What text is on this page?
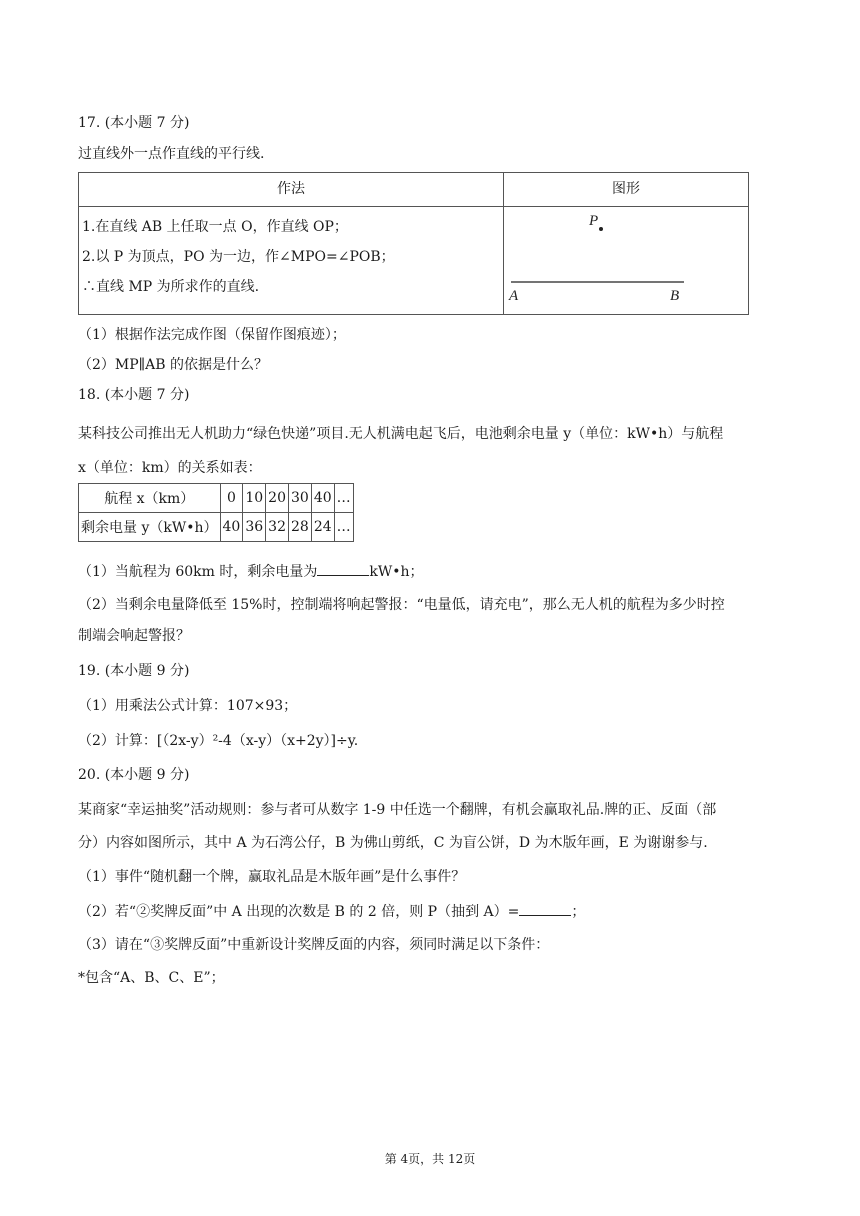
17. (本小题 7 分)
过直线外一点作直线的平行线.
作法	图形
1.在直线 AB 上任取一点 O，作直线 OP；
2.以 P 为顶点，PO 为一边，作∠MPO=∠POB；
∴直线 MP 为所求作的直线.
P
A	B
（1）根据作法完成作图（保留作图痕迹）；
（2）MP∥AB 的依据是什么？
18. (本小题 7 分)
某科技公司推出无人机助力“绿色快递”项目.无人机满电起飞后，电池剩余电量 y（单位：kW•h）与航程
x（单位：km）的关系如表：
航程 x（km）	0	10	20	30	40	…
剩余电量 y（kW•h）	40	36	32	28	24	…
（1）当航程为 60km 时，剩余电量为	kW•h；
（2）当剩余电量降低至 15%时，控制端将响起警报：“电量低，请充电”，那么无人机的航程为多少时控
制端会响起警报？
19. (本小题 9 分)
（1）用乘法公式计算：107×93；
（2）计算：[（2x-y）²-4（x-y）（x+2y）]÷y.
20. (本小题 9 分)
某商家“幸运抽奖”活动规则：参与者可从数字 1-9 中任选一个翻牌，有机会赢取礼品.牌的正、反面（部
分）内容如图所示，其中 A 为石湾公仔，B 为佛山剪纸，C 为盲公饼，D 为木版年画，E 为谢谢参与.
（1）事件“随机翻一个牌，赢取礼品是木版年画”是什么事件？
（2）若“②奖牌反面”中 A 出现的次数是 B 的 2 倍，则 P（抽到 A）=	；
（3）请在“③奖牌反面”中重新设计奖牌反面的内容，须同时满足以下条件：
*包含“A、B、C、E”；
第 4页，共 12页
